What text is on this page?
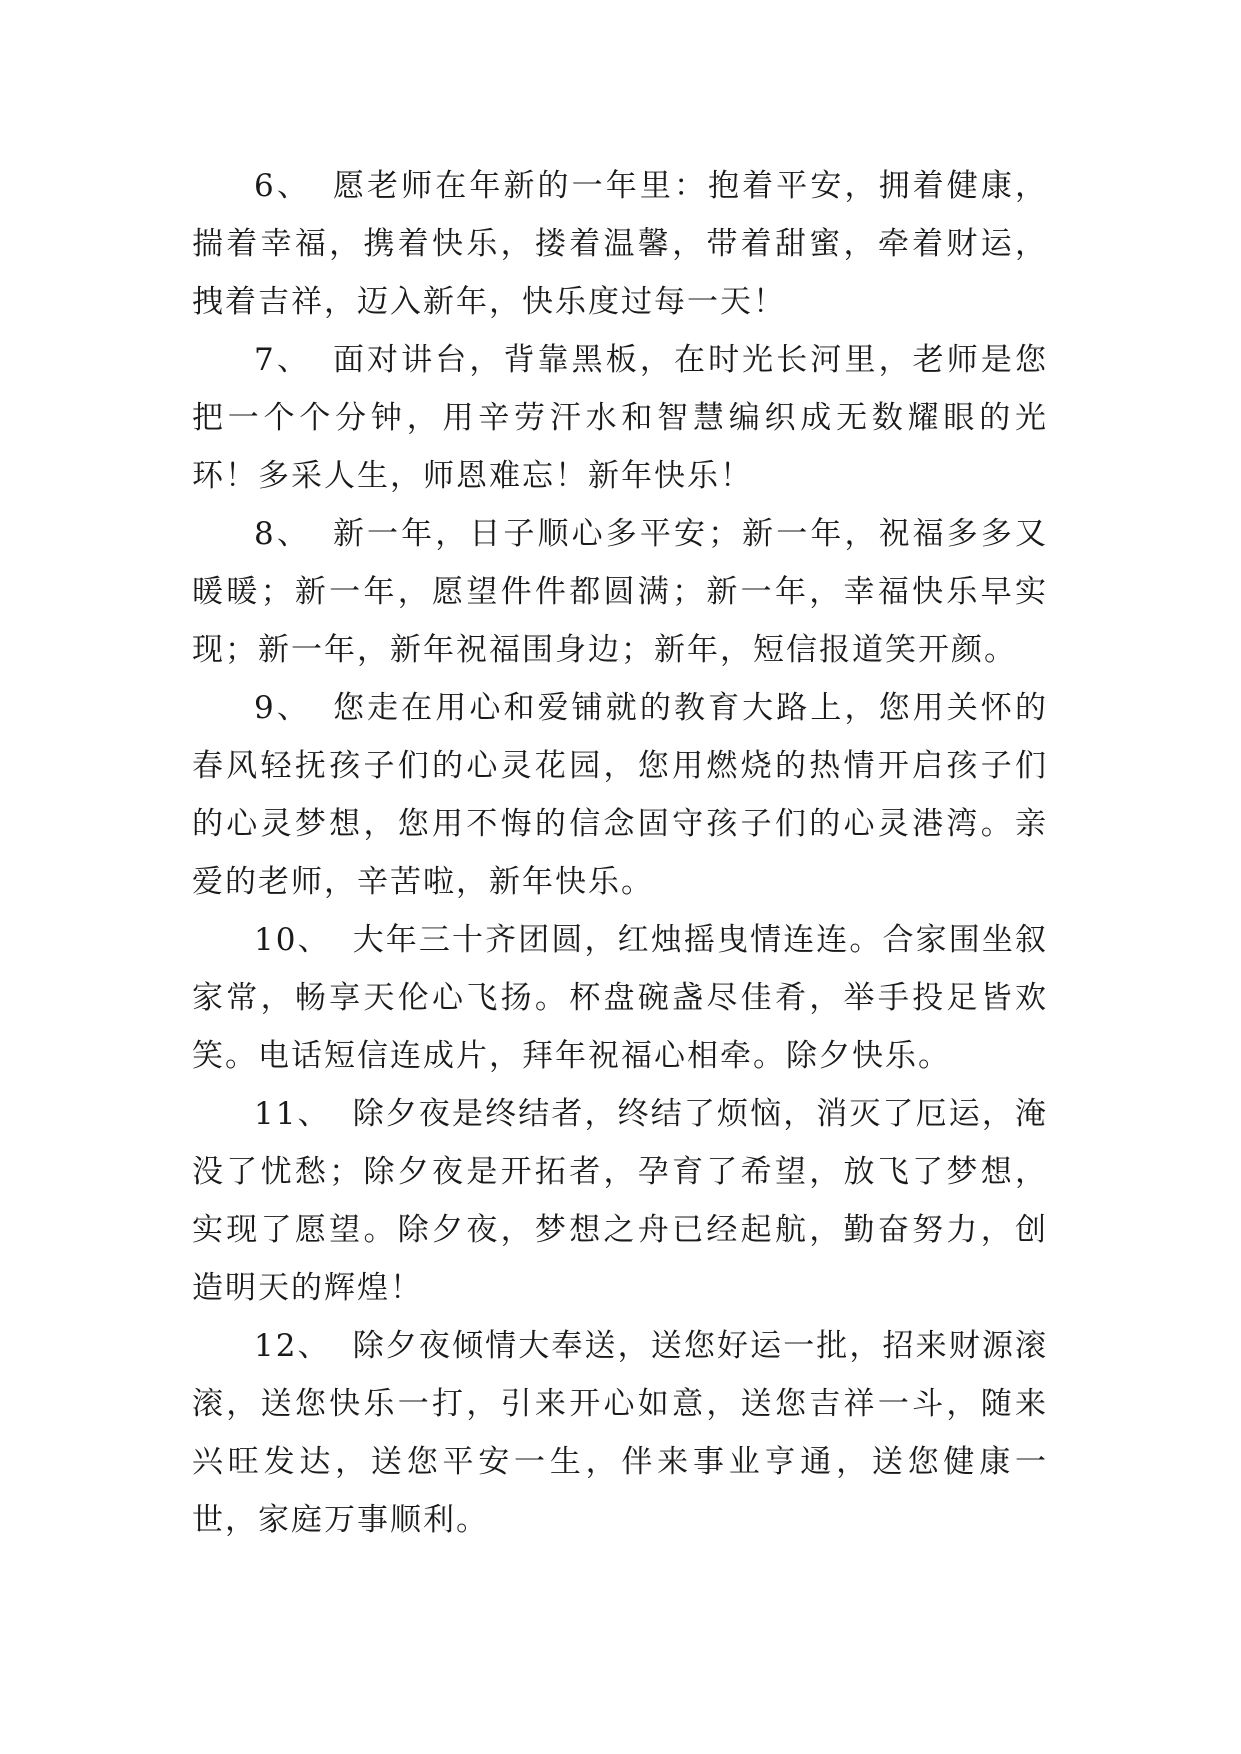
6、 愿老师在年新的一年里：抱着平安，拥着健康，揣着幸福，携着快乐，搂着温馨，带着甜蜜，牵着财运，拽着吉祥，迈入新年，快乐度过每一天！

7、 面对讲台，背靠黑板，在时光长河里，老师是您把一个个分钟，用辛劳汗水和智慧编织成无数耀眼的光环！多采人生，师恩难忘！新年快乐！

8、 新一年，日子顺心多平安；新一年，祝福多多又暖暖；新一年，愿望件件都圆满；新一年，幸福快乐早实现；新一年，新年祝福围身边；新年，短信报道笑开颜。

9、 您走在用心和爱铺就的教育大路上，您用关怀的春风轻抚孩子们的心灵花园，您用燃烧的热情开启孩子们的心灵梦想，您用不悔的信念固守孩子们的心灵港湾。亲爱的老师，辛苦啦，新年快乐。

10、 大年三十齐团圆，红烛摇曳情连连。合家围坐叙家常，畅享天伦心飞扬。杯盘碗盏尽佳肴，举手投足皆欢笑。电话短信连成片，拜年祝福心相牵。除夕快乐。

11、 除夕夜是终结者，终结了烦恼，消灭了厄运，淹没了忧愁；除夕夜是开拓者，孕育了希望，放飞了梦想，实现了愿望。除夕夜，梦想之舟已经起航，勤奋努力，创造明天的辉煌！

12、 除夕夜倾情大奉送，送您好运一批，招来财源滚滚，送您快乐一打，引来开心如意，送您吉祥一斗，随来兴旺发达，送您平安一生，伴来事业亨通，送您健康一世，家庭万事顺利。
